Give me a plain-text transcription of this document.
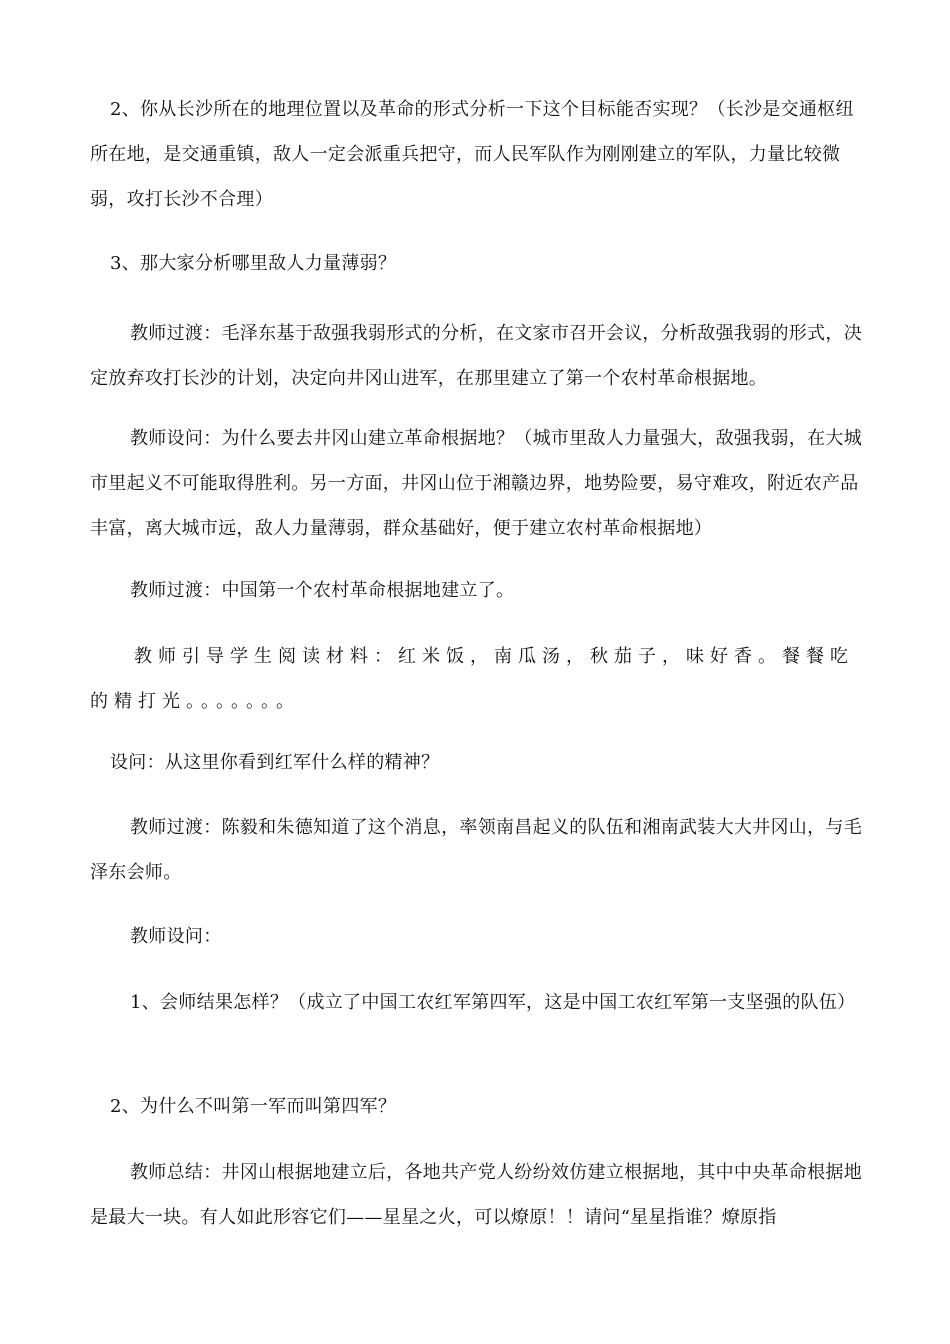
2、你从长沙所在的地理位置以及革命的形式分析一下这个目标能否实现？（长沙是交通枢纽所在地，是交通重镇，敌人一定会派重兵把守，而人民军队作为刚刚建立的军队，力量比较微弱，攻打长沙不合理）

3、那大家分析哪里敌人力量薄弱？

教师过渡：毛泽东基于敌强我弱形式的分析，在文家市召开会议，分析敌强我弱的形式，决定放弃攻打长沙的计划，决定向井冈山进军，在那里建立了第一个农村革命根据地。

教师设问：为什么要去井冈山建立革命根据地？（城市里敌人力量强大，敌强我弱，在大城市里起义不可能取得胜利。另一方面，井冈山位于湘赣边界，地势险要，易守难攻，附近农产品丰富，离大城市远，敌人力量薄弱，群众基础好，便于建立农村革命根据地）

教师过渡：中国第一个农村革命根据地建立了。

教师引导学生阅读材料：红米饭，南瓜汤，秋茄子，味好香。餐餐吃的精打光。。。。。。。

设问：从这里你看到红军什么样的精神？

教师过渡：陈毅和朱德知道了这个消息，率领南昌起义的队伍和湘南武装大大井冈山，与毛泽东会师。

教师设问：

1、会师结果怎样？（成立了中国工农红军第四军，这是中国工农红军第一支坚强的队伍）

2、为什么不叫第一军而叫第四军？

教师总结：井冈山根据地建立后，各地共产党人纷纷效仿建立根据地，其中中央革命根据地是最大一块。有人如此形容它们——星星之火，可以燎原！！请问“星星指谁？燎原指
